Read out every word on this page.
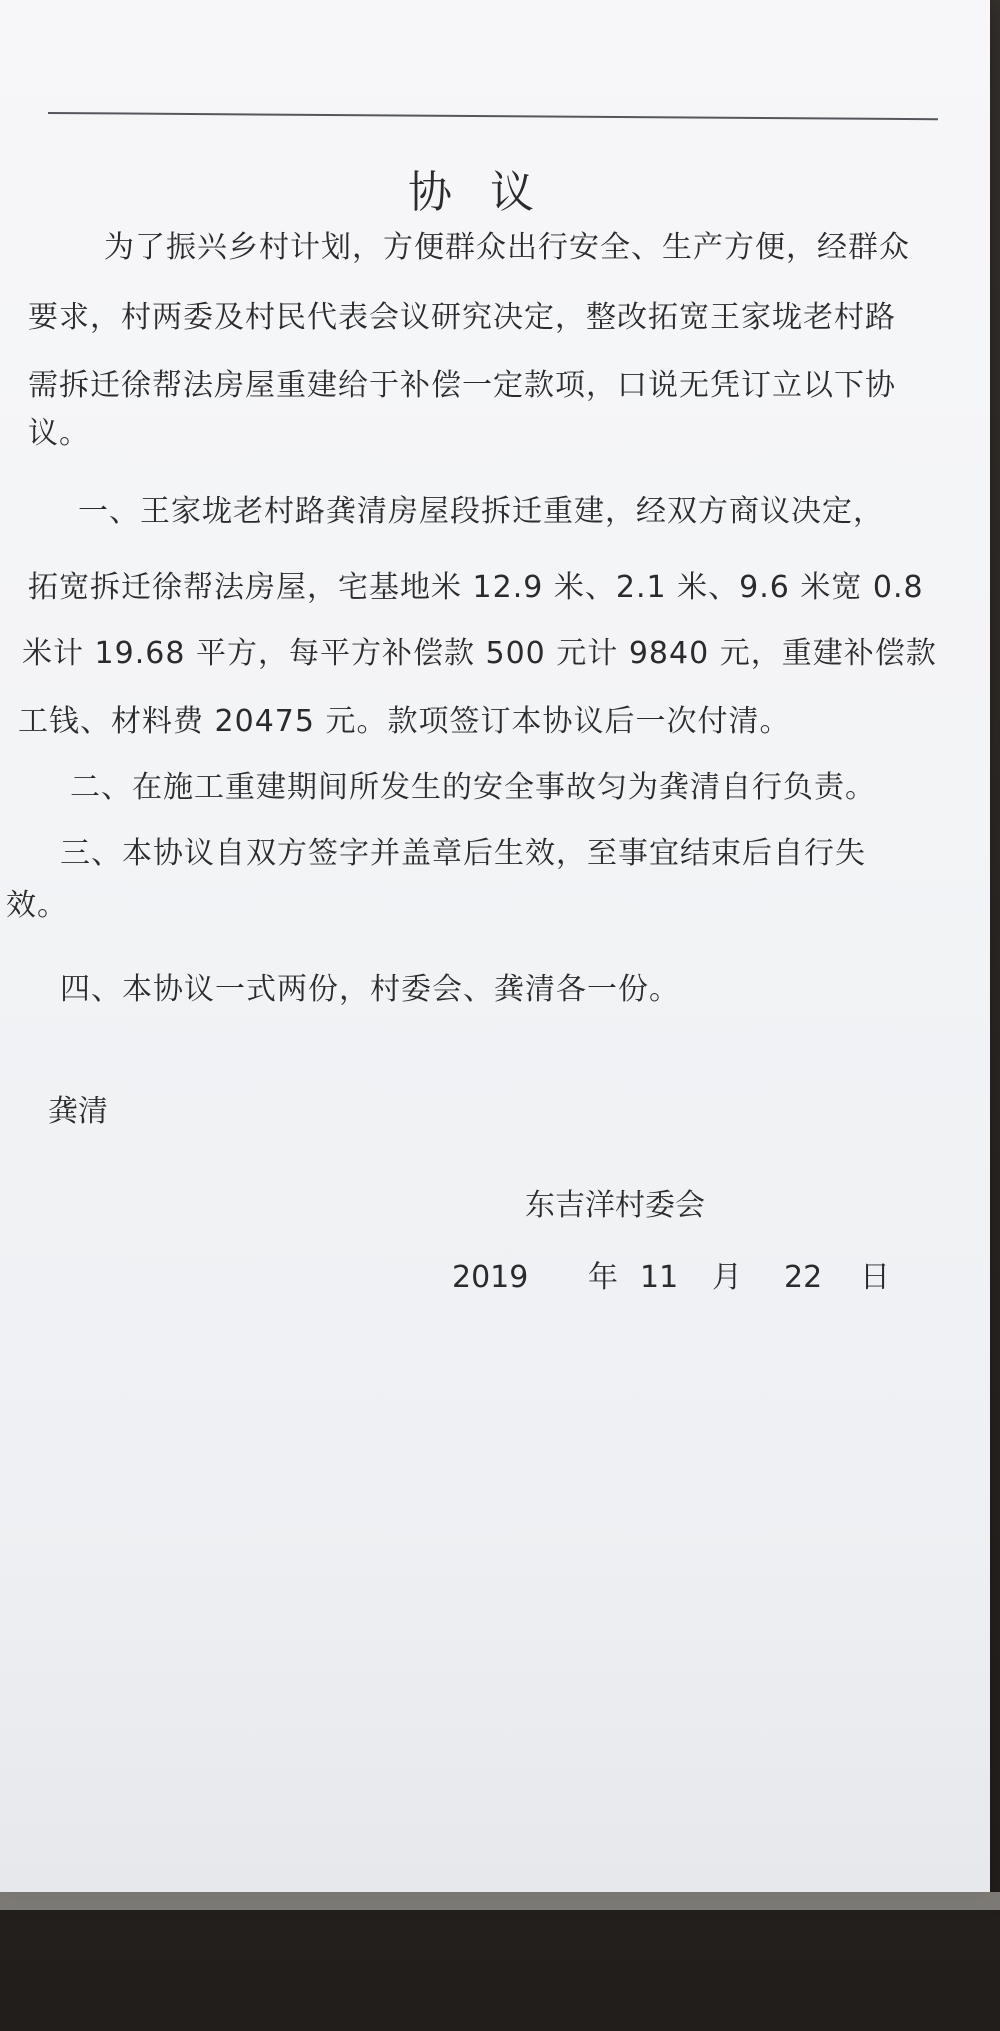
协议
为了振兴乡村计划，方便群众出行安全、生产方便，经群众
要求，村两委及村民代表会议研究决定，整改拓宽王家垅老村路
需拆迁徐帮法房屋重建给于补偿一定款项，口说无凭订立以下协
议。
一、王家垅老村路龚清房屋段拆迁重建，经双方商议决定，
拓宽拆迁徐帮法房屋，宅基地米 12.9 米、2.1 米、9.6 米宽 0.8
米计 19.68 平方，每平方补偿款 500 元计 9840 元，重建补偿款
工钱、材料费 20475 元。款项签订本协议后一次付清。
二、在施工重建期间所发生的安全事故匀为龚清自行负责。
三、本协议自双方签字并盖章后生效，至事宜结束后自行失
效。
四、本协议一式两份，村委会、龚清各一份。
龚清
东吉洋村委会
2019 年 11 月 22 日
